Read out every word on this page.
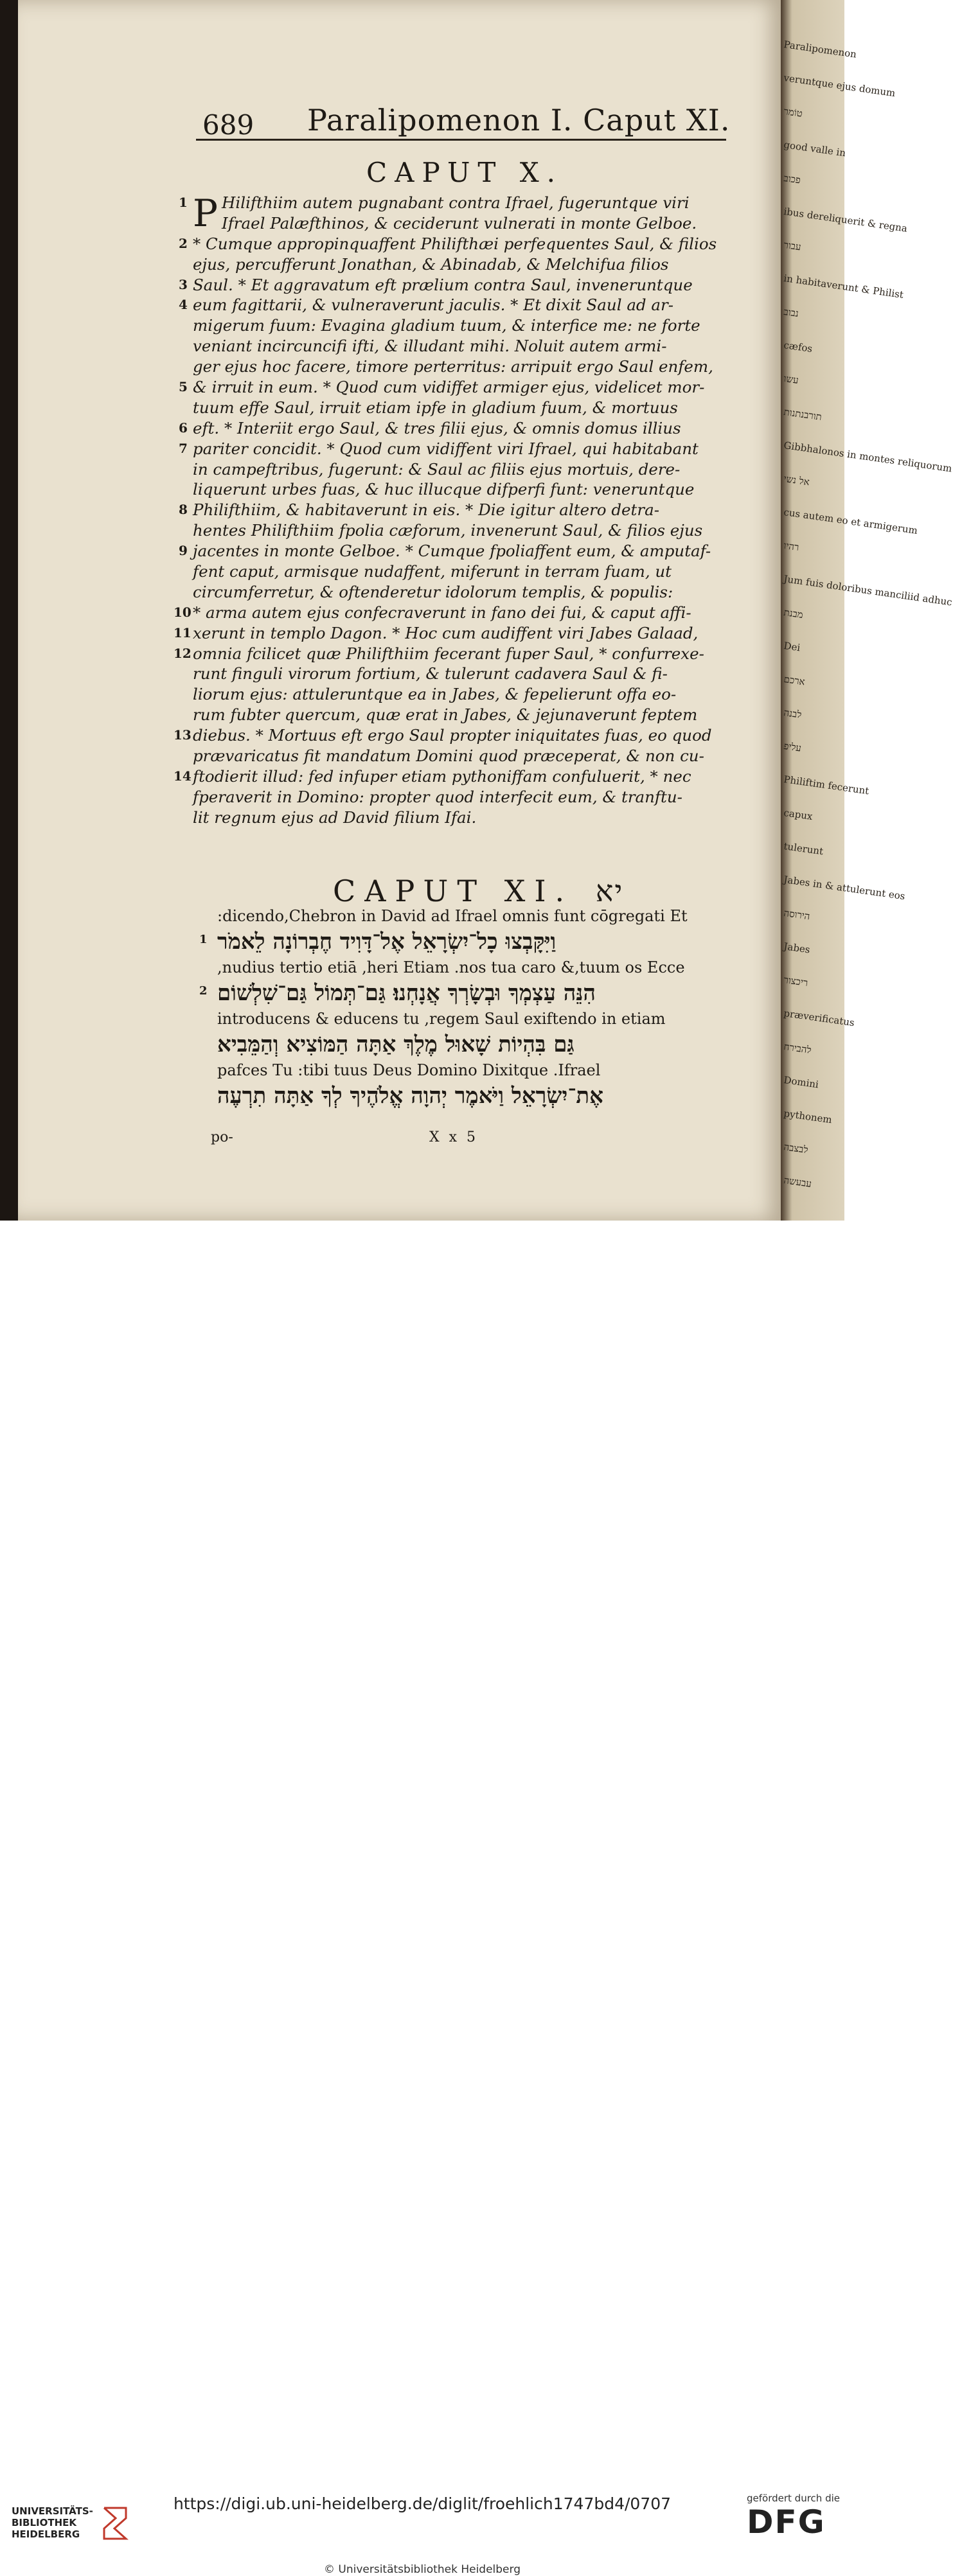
689 Paralipomenon I. Caput XI.
CAPUT X.
1 P Hilifthiim autem pugnabant contra Ifrael, fugeruntque viri
Ifrael Palæfthinos, & ceciderunt vulnerati in monte Gelboe.
2 * Cumque appropinquaffent Philifthæi perfequentes Saul, & filios
ejus, percufferunt Jonathan, & Abinadab, & Melchifua filios
3 Saul. * Et aggravatum eft prælium contra Saul, inveneruntque
4 eum fagittarii, & vulneraverunt jaculis. * Et dixit Saul ad ar-
migerum fuum: Evagina gladium tuum, & interfice me: ne forte
veniant incircuncifi ifti, & illudant mihi. Noluit autem armi-
ger ejus hoc facere, timore perterritus: arripuit ergo Saul enfem,
5 & irruit in eum. * Quod cum vidiffet armiger ejus, videlicet mor-
tuum effe Saul, irruit etiam ipfe in gladium fuum, & mortuus
6 eft. * Interiit ergo Saul, & tres filii ejus, & omnis domus illius
7 pariter concidit. * Quod cum vidiffent viri Ifrael, qui habitabant
in campeftribus, fugerunt: & Saul ac filiis ejus mortuis, dere-
liquerunt urbes fuas, & huc illucque difperfi funt: veneruntque
8 Philifthiim, & habitaverunt in eis. * Die igitur altero detra-
hentes Philifthiim fpolia cæforum, invenerunt Saul, & filios ejus
9 jacentes in monte Gelboe. * Cumque fpoliaffent eum, & amputaf-
fent caput, armisque nudaffent, miferunt in terram fuam, ut
circumferretur, & oftenderetur idolorum templis, & populis:
10 * arma autem ejus confecraverunt in fano dei fui, & caput affi-
11 xerunt in templo Dagon. * Hoc cum audiffent viri Jabes Galaad,
12 omnia fcilicet quæ Philifthiim fecerant fuper Saul, * confurrexe-
runt finguli virorum fortium, & tulerunt cadavera Saul & fi-
liorum ejus: attuleruntque ea in Jabes, & fepelierunt offa eo-
rum fubter quercum, quæ erat in Jabes, & jejunaverunt feptem
13 diebus. * Mortuus eft ergo Saul propter iniquitates fuas, eo quod
prævaricatus fit mandatum Domini quod præceperat, & non cu-
14 ftodierit illud: fed infuper etiam pythoniffam confuluerit, * nec
fperaverit in Domino: propter quod interfecit eum, & tranftu-
lit regnum ejus ad David filium Ifai.
CAPUT XI. יא
:dicendo,Chebron in David ad Ifrael omnis funt cōgregati Et
וַיִּקָּבְצוּ כָל־יִשְׂרָאֵל אֶל־דָּוִיד חֶבְרוֹנָה לֵאמֹר
1
,nudius tertio etiā ,heri Etiam .nos tua caro &,tuum os Ecce
הִנֵּה עַצְמְךָ וּבְשָׂרְךָ אֲנָחְנוּ׃ גַּם־תְּמוֹל גַּם־שִׁלְשׁוֹם
2
introducens & educens tu ,regem Saul exiftendo in etiam
גַּם בִּהְיוֹת שָׁאוּל מֶלֶךְ אַתָּה הַמּוֹצִיא וְהַמֵּבִיא
pafces Tu :tibi tuus Deus Domino Dixitque .Ifrael
אֶת־יִשְׂרָאֵל וַיֹּאמֶר יְהוָה אֱלֹהֶיךָ לְךָ אַתָּה תִרְעֶה
po-	X x 5
Paralipomenon
veruntque ejus domum
טוֹמר
good valle in
פכוב
ibus dereliquerit & regna
עבור
in habitaverunt & Philist
נבוב
cæfos
עשו
תורבנתנות
Gibbhalonos in montes reliquorum
אל נשי
cus autem eo et armigerum
רהיו
Jum fuis doloribus manciliid adhuc
מבנת
Dei
ארכם
לבנה
עליפ
Philiftim fecerunt
capux
tulerunt
Jabes in & attulerunt eos
הירוסה
Jabes
ריכצור
præverificatus
להבירח
Domini
pythonem
לבצבה
עבעשה
UNIVERSITÄTS-
BIBLIOTHEK
HEIDELBERG
https://digi.ub.uni-heidelberg.de/diglit/froehlich1747bd4/0707
© Universitätsbibliothek Heidelberg
gefördert durch die
DFG
